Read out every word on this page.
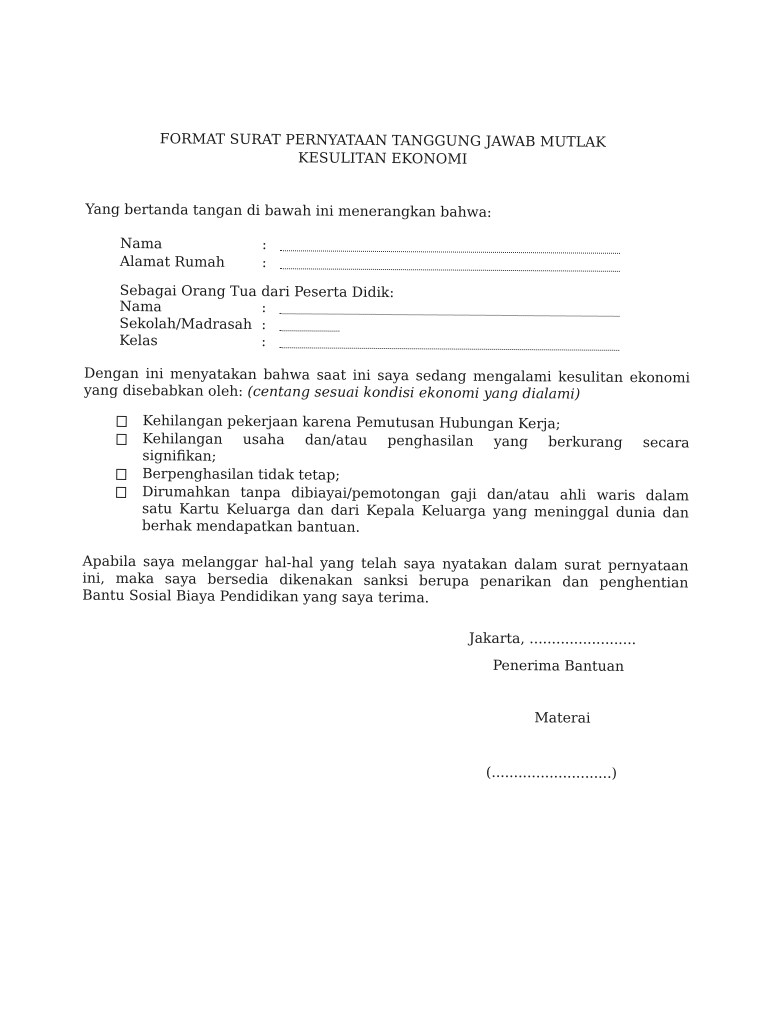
FORMAT SURAT PERNYATAAN TANGGUNG JAWAB MUTLAK
KESULITAN EKONOMI
Yang bertanda tangan di bawah ini menerangkan bahwa:
Nama	:
Alamat Rumah	:
Sebagai Orang Tua dari Peserta Didik:
Nama	:
Sekolah/Madrasah :
Kelas	:
Dengan ini menyatakan bahwa saat ini saya sedang mengalami kesulitan ekonomi
yang disebabkan oleh: (centang sesuai kondisi ekonomi yang dialami)
Kehilangan pekerjaan karena Pemutusan Hubungan Kerja;
Kehilangan usaha dan/atau penghasilan yang berkurang secara
signifikan;
Berpenghasilan tidak tetap;
Dirumahkan tanpa dibiayai/pemotongan gaji dan/atau ahli waris dalam
satu Kartu Keluarga dan dari Kepala Keluarga yang meninggal dunia dan
berhak mendapatkan bantuan.
Apabila saya melanggar hal-hal yang telah saya nyatakan dalam surat pernyataan
ini, maka saya bersedia dikenakan sanksi berupa penarikan dan penghentian
Bantu Sosial Biaya Pendidikan yang saya terima.
Jakarta, ........................
Penerima Bantuan
Materai
(...........................)
